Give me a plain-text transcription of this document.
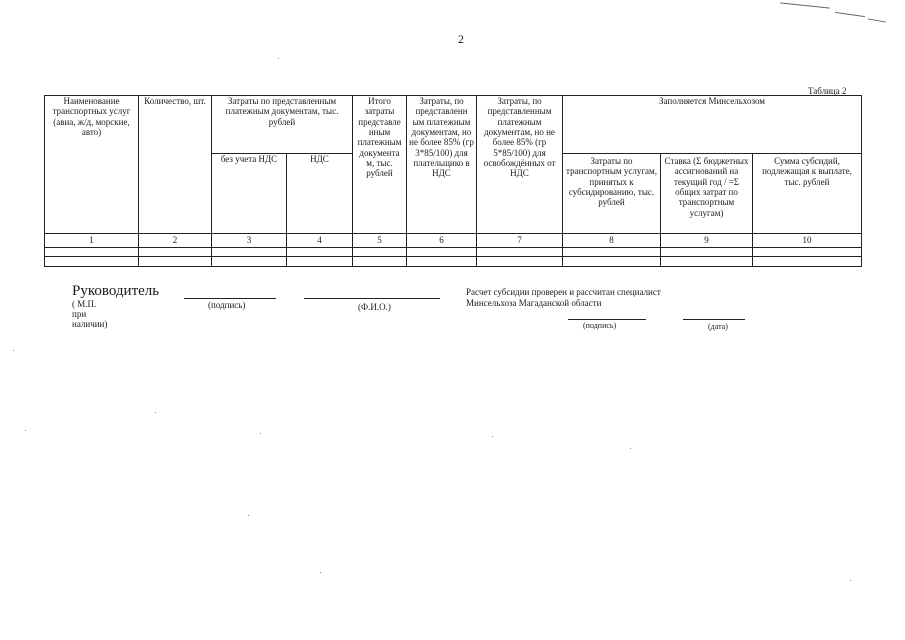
2
Таблица 2
Наименование транспортных услуг (авиа, ж/д, морские, авто)	Количество, шт.	Затраты по представленным платежным документам, тыс. рублей		Итого затраты представле нным платежным документа м, тыс. рублей	Затраты, по представленн ым платежным документам, но не более 85% (гр 3*85/100) для плательщико в НДС	Затраты, по представленным платежным документам, но не более 85% (гр 5*85/100) для освобождённых от НДС	Заполняется Минсельхозом		
		без учета НДС	НДС				Затраты по транспортным услугам, принятых к субсидированию, тыс. рублей	Ставка (Σ бюджетных ассигнований на текущий год / =Σ общих затрат по транспортным услугам)	Сумма субсидий, подлежащая к выплате, тыс. рублей
1	2	3	4	5	6	7	8	9	10

Руководитель
( М.П. при наличии)
(подпись)	(Ф.И.О.)
Расчет субсидии проверен и рассчитан специалист Минсельхоза Магаданской области
(подпись)	(дата)
